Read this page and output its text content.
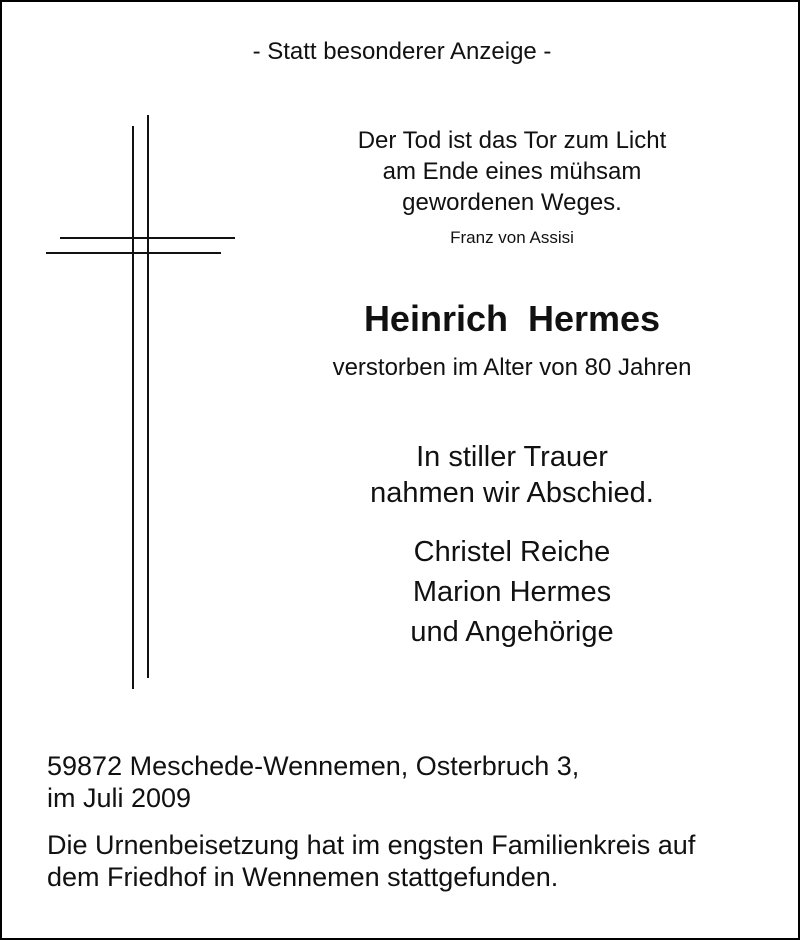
- Statt besonderer Anzeige -
Der Tod ist das Tor zum Licht
am Ende eines mühsam
gewordenen Weges.
Franz von Assisi
Heinrich Hermes
verstorben im Alter von 80 Jahren
In stiller Trauer
nahmen wir Abschied.
Christel Reiche
Marion Hermes
und Angehörige
59872 Meschede-Wennemen, Osterbruch 3,
im Juli 2009
Die Urnenbeisetzung hat im engsten Familienkreis auf
dem Friedhof in Wennemen stattgefunden.
